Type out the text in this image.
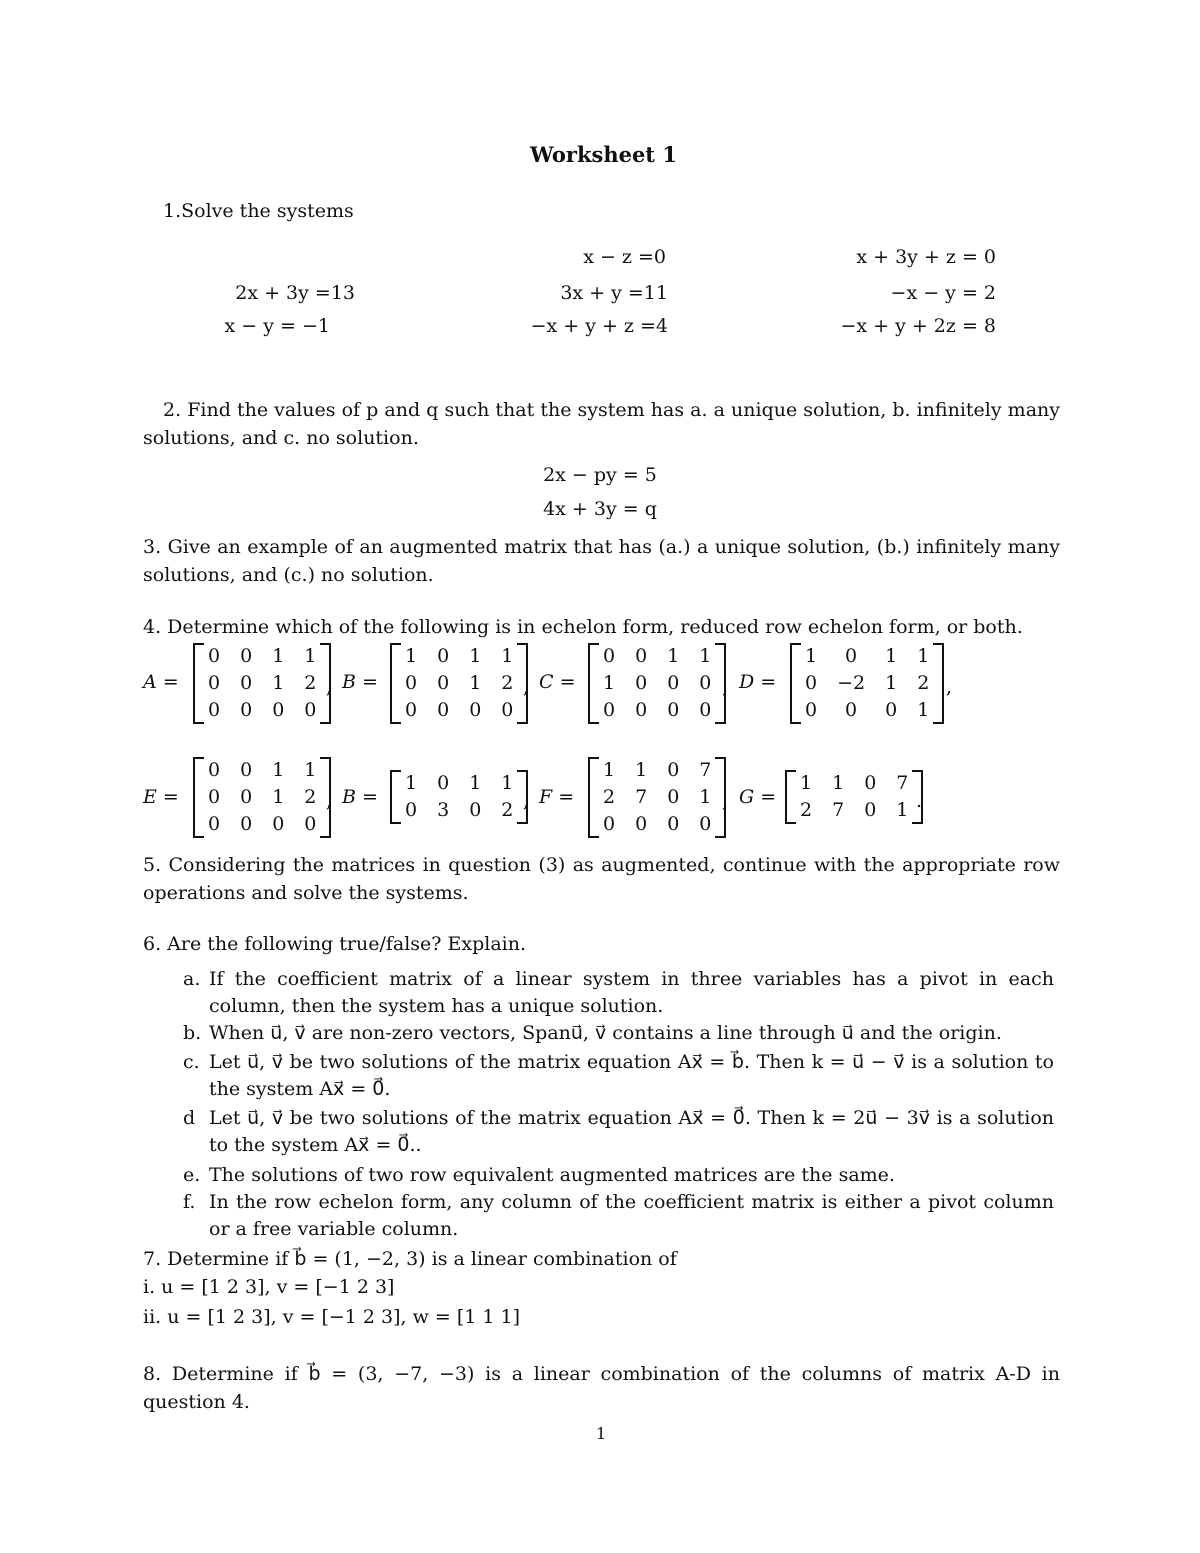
Worksheet 1
1.Solve the systems
2x + 3y =13
x − y = −1
x − z =0
3x + y =11
−x + y + z =4
x + 3y + z = 0
−x − y = 2
−x + y + 2z = 8
2. Find the values of p and q such that the system has a. a unique solution, b. infinitely many solutions, and c. no solution.
2x − py = 5
4x + 3y = q
3. Give an example of an augmented matrix that has (a.) a unique solution, (b.) infinitely many solutions, and (c.) no solution.
4. Determine which of the following is in echelon form, reduced row echelon form, or both.
A =
0 0 1 1
0 0 1 2
0 0 0 0
, B =
1 0 1 1
0 0 1 2
0 0 0 0
, C =
0 0 1 1
1 0 0 0
0 0 0 0
, D =
1	0	1 1
0 −2 1 2
0	0	0 1
,
E =
0 0 1 1
0 0 1 2
0 0 0 0
, B =
1 0 1 1
0 3 0 2 , F =
1 1 0 7
2 7 0 1
0 0 0 0
, G =
1 1 0 7
2 7 0 1 .
5. Considering the matrices in question (3) as augmented, continue with the appropriate row operations and solve the systems.
6. Are the following true/false? Explain.
a. If the coefficient matrix of a linear system in three variables has a pivot in each column, then the system has a unique solution.
b. When u⃗, v⃗ are non-zero vectors, Spanu⃗, v⃗ contains a line through u⃗ and the origin.
c. Let u⃗, v⃗ be two solutions of the matrix equation Ax⃗ = b⃗. Then k = u⃗ − v⃗ is a solution to the system Ax⃗ = 0⃗.
d Let u⃗, v⃗ be two solutions of the matrix equation Ax⃗ = 0⃗. Then k = 2u⃗ − 3v⃗ is a solution to the system Ax⃗ = 0⃗..
e. The solutions of two row equivalent augmented matrices are the same.
f. In the row echelon form, any column of the coefficient matrix is either a pivot column or a free variable column.
7. Determine if b⃗ = (1, −2, 3) is a linear combination of
i. u = [1 2 3], v = [−1 2 3]
ii. u = [1 2 3], v = [−1 2 3], w = [1 1 1]
8. Determine if b⃗ = (3, −7, −3) is a linear combination of the columns of matrix A-D in question 4.
1
